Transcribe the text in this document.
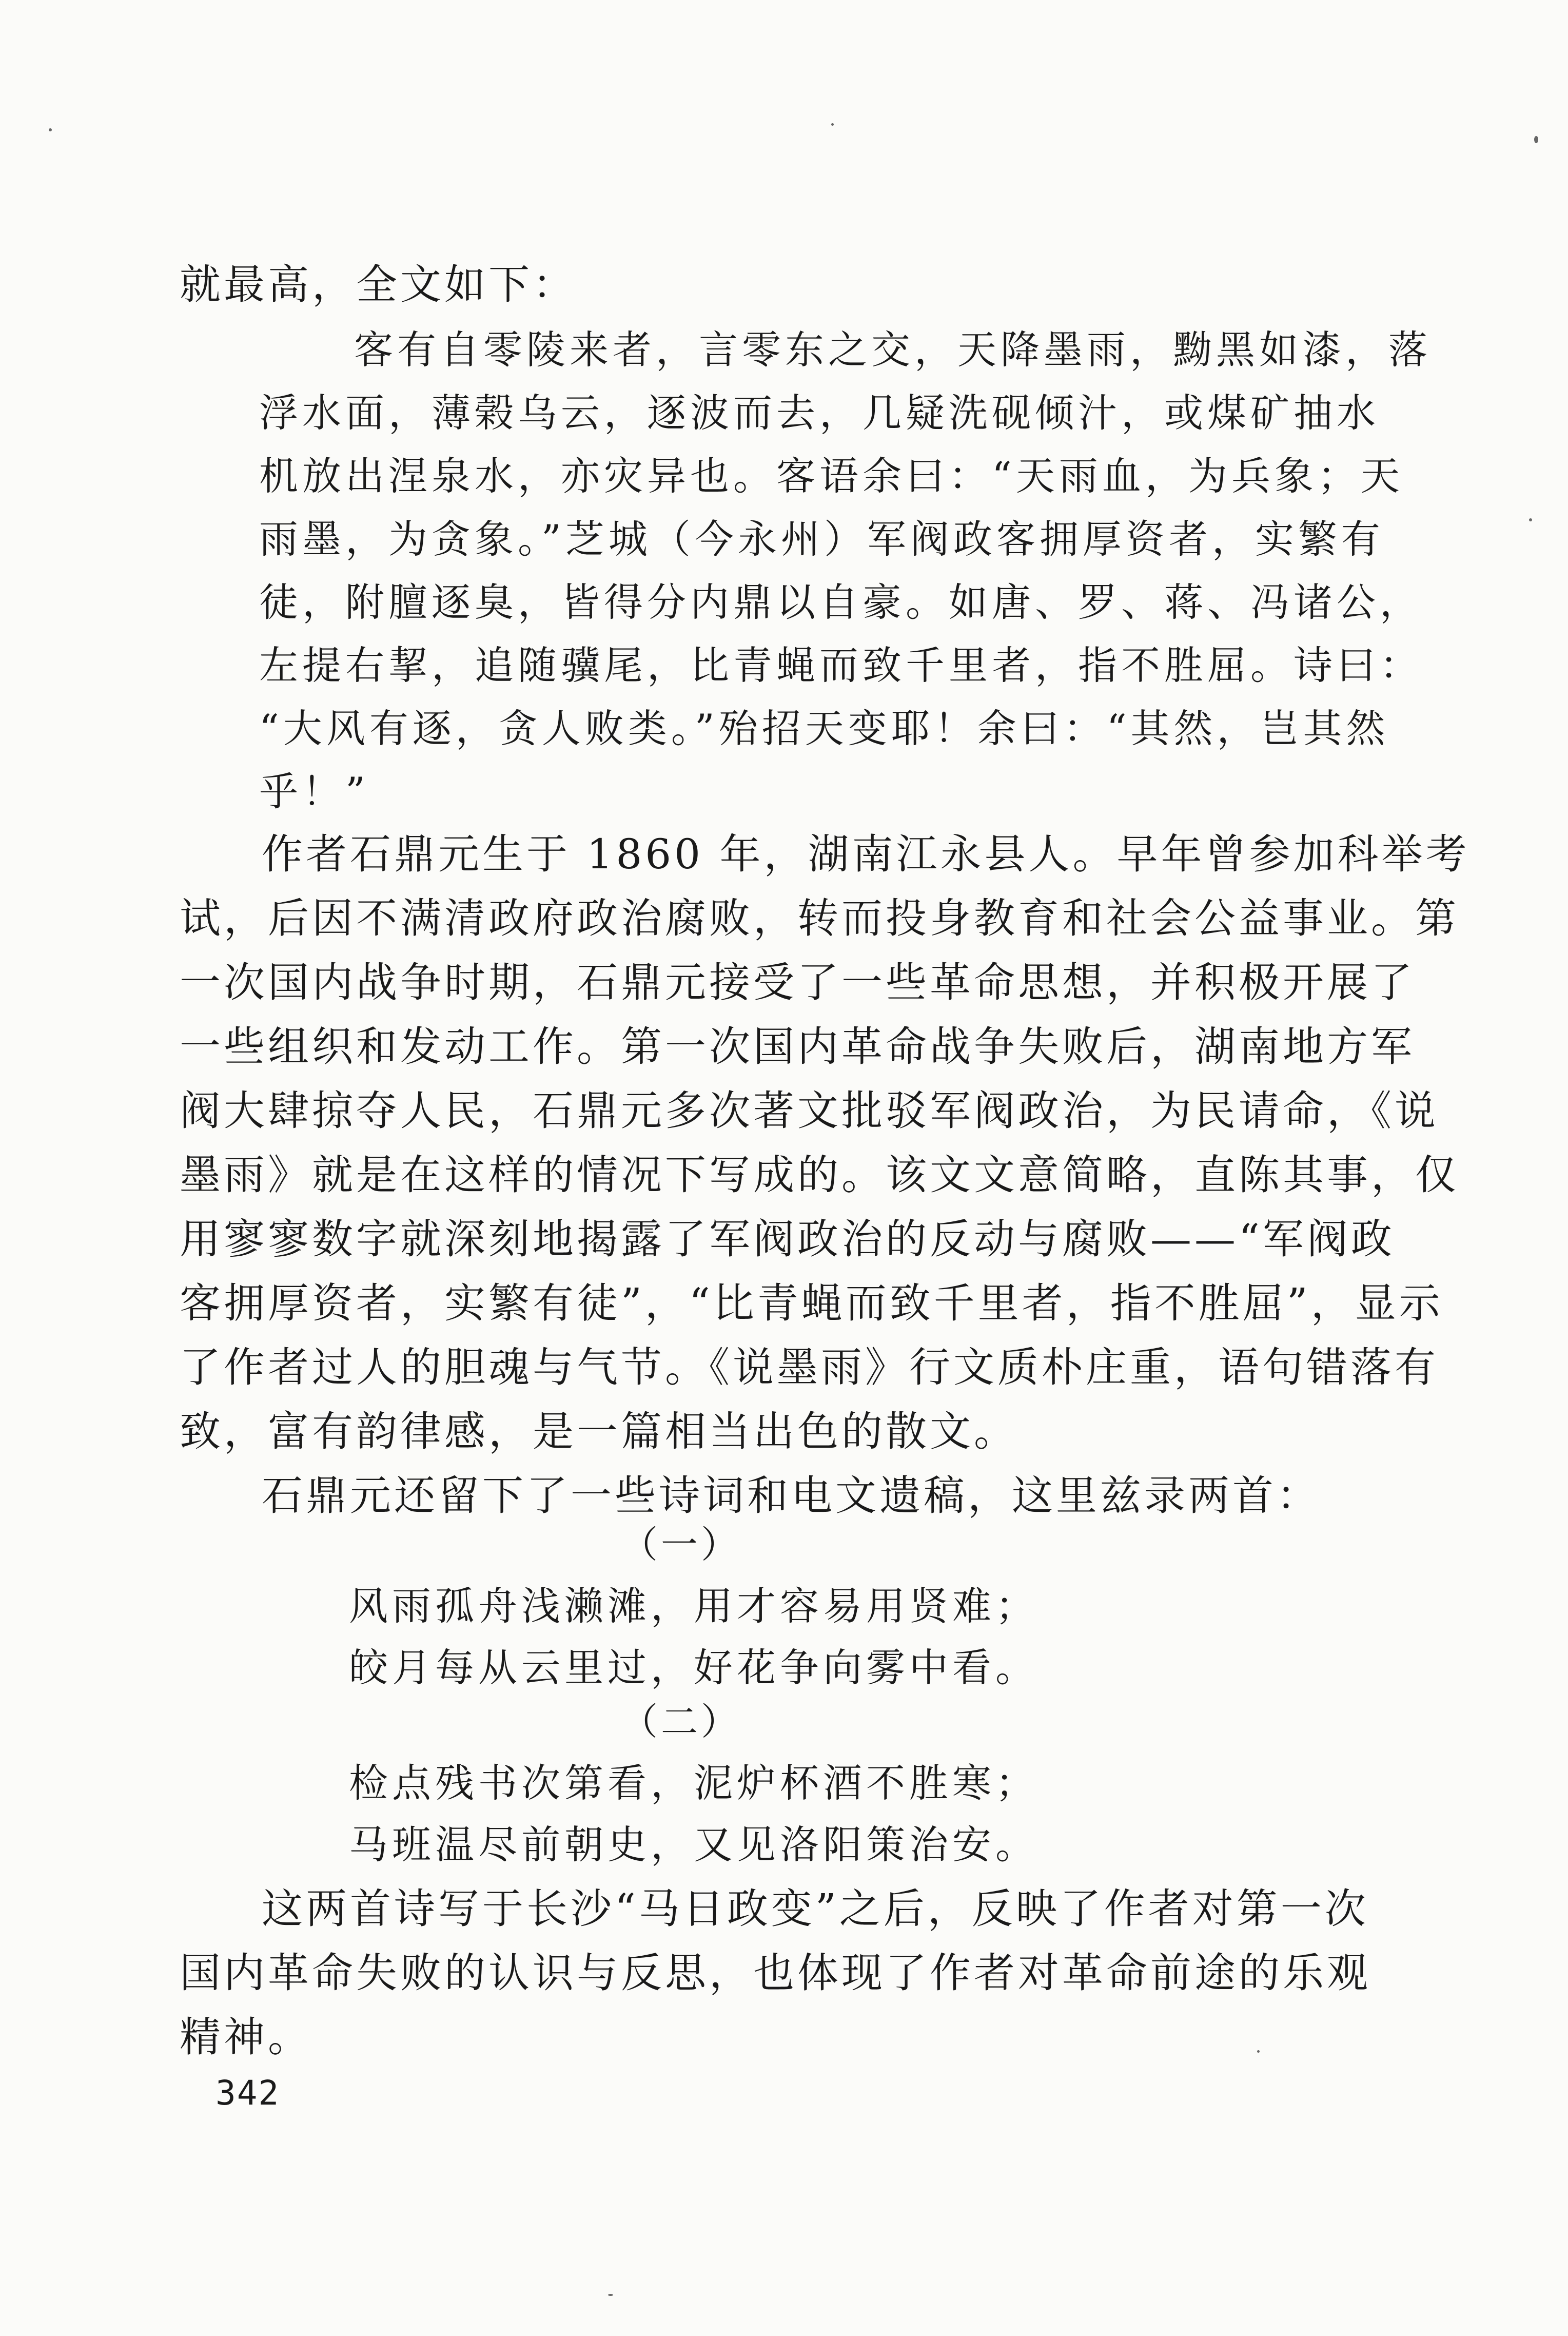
就最高，全文如下：
客有自零陵来者，言零东之交，天降墨雨，黝黑如漆，落
浮水面，薄榖乌云，逐波而去，几疑洗砚倾汁，或煤矿抽水
机放出涅泉水，亦灾异也。客语余曰：“天雨血，为兵象；天
雨墨，为贪象。”芝城（今永州）军阀政客拥厚资者，实繁有
徒，附膻逐臭，皆得分内鼎以自豪。如唐、罗、蒋、冯诸公，
左提右挈，追随骥尾，比青蝇而致千里者，指不胜屈。诗曰：
“大风有逐，贪人败类。”殆招天变耶！余曰：“其然，岂其然
乎！”
作者石鼎元生于 1860 年，湖南江永县人。早年曾参加科举考
试，后因不满清政府政治腐败，转而投身教育和社会公益事业。第
一次国内战争时期，石鼎元接受了一些革命思想，并积极开展了
一些组织和发动工作。第一次国内革命战争失败后，湖南地方军
阀大肆掠夺人民，石鼎元多次著文批驳军阀政治，为民请命，《说
墨雨》就是在这样的情况下写成的。该文文意简略，直陈其事，仅
用寥寥数字就深刻地揭露了军阀政治的反动与腐败——“军阀政
客拥厚资者，实繁有徒”，“比青蝇而致千里者，指不胜屈”，显示
了作者过人的胆魂与气节。《说墨雨》行文质朴庄重，语句错落有
致，富有韵律感，是一篇相当出色的散文。
石鼎元还留下了一些诗词和电文遗稿，这里兹录两首：
（一）
风雨孤舟浅濑滩，用才容易用贤难；
皎月每从云里过，好花争向雾中看。
（二）
检点残书次第看，泥炉杯酒不胜寒；
马班温尽前朝史，又见洛阳策治安。
这两首诗写于长沙“马日政变”之后，反映了作者对第一次
国内革命失败的认识与反思，也体现了作者对革命前途的乐观
精神。
342
